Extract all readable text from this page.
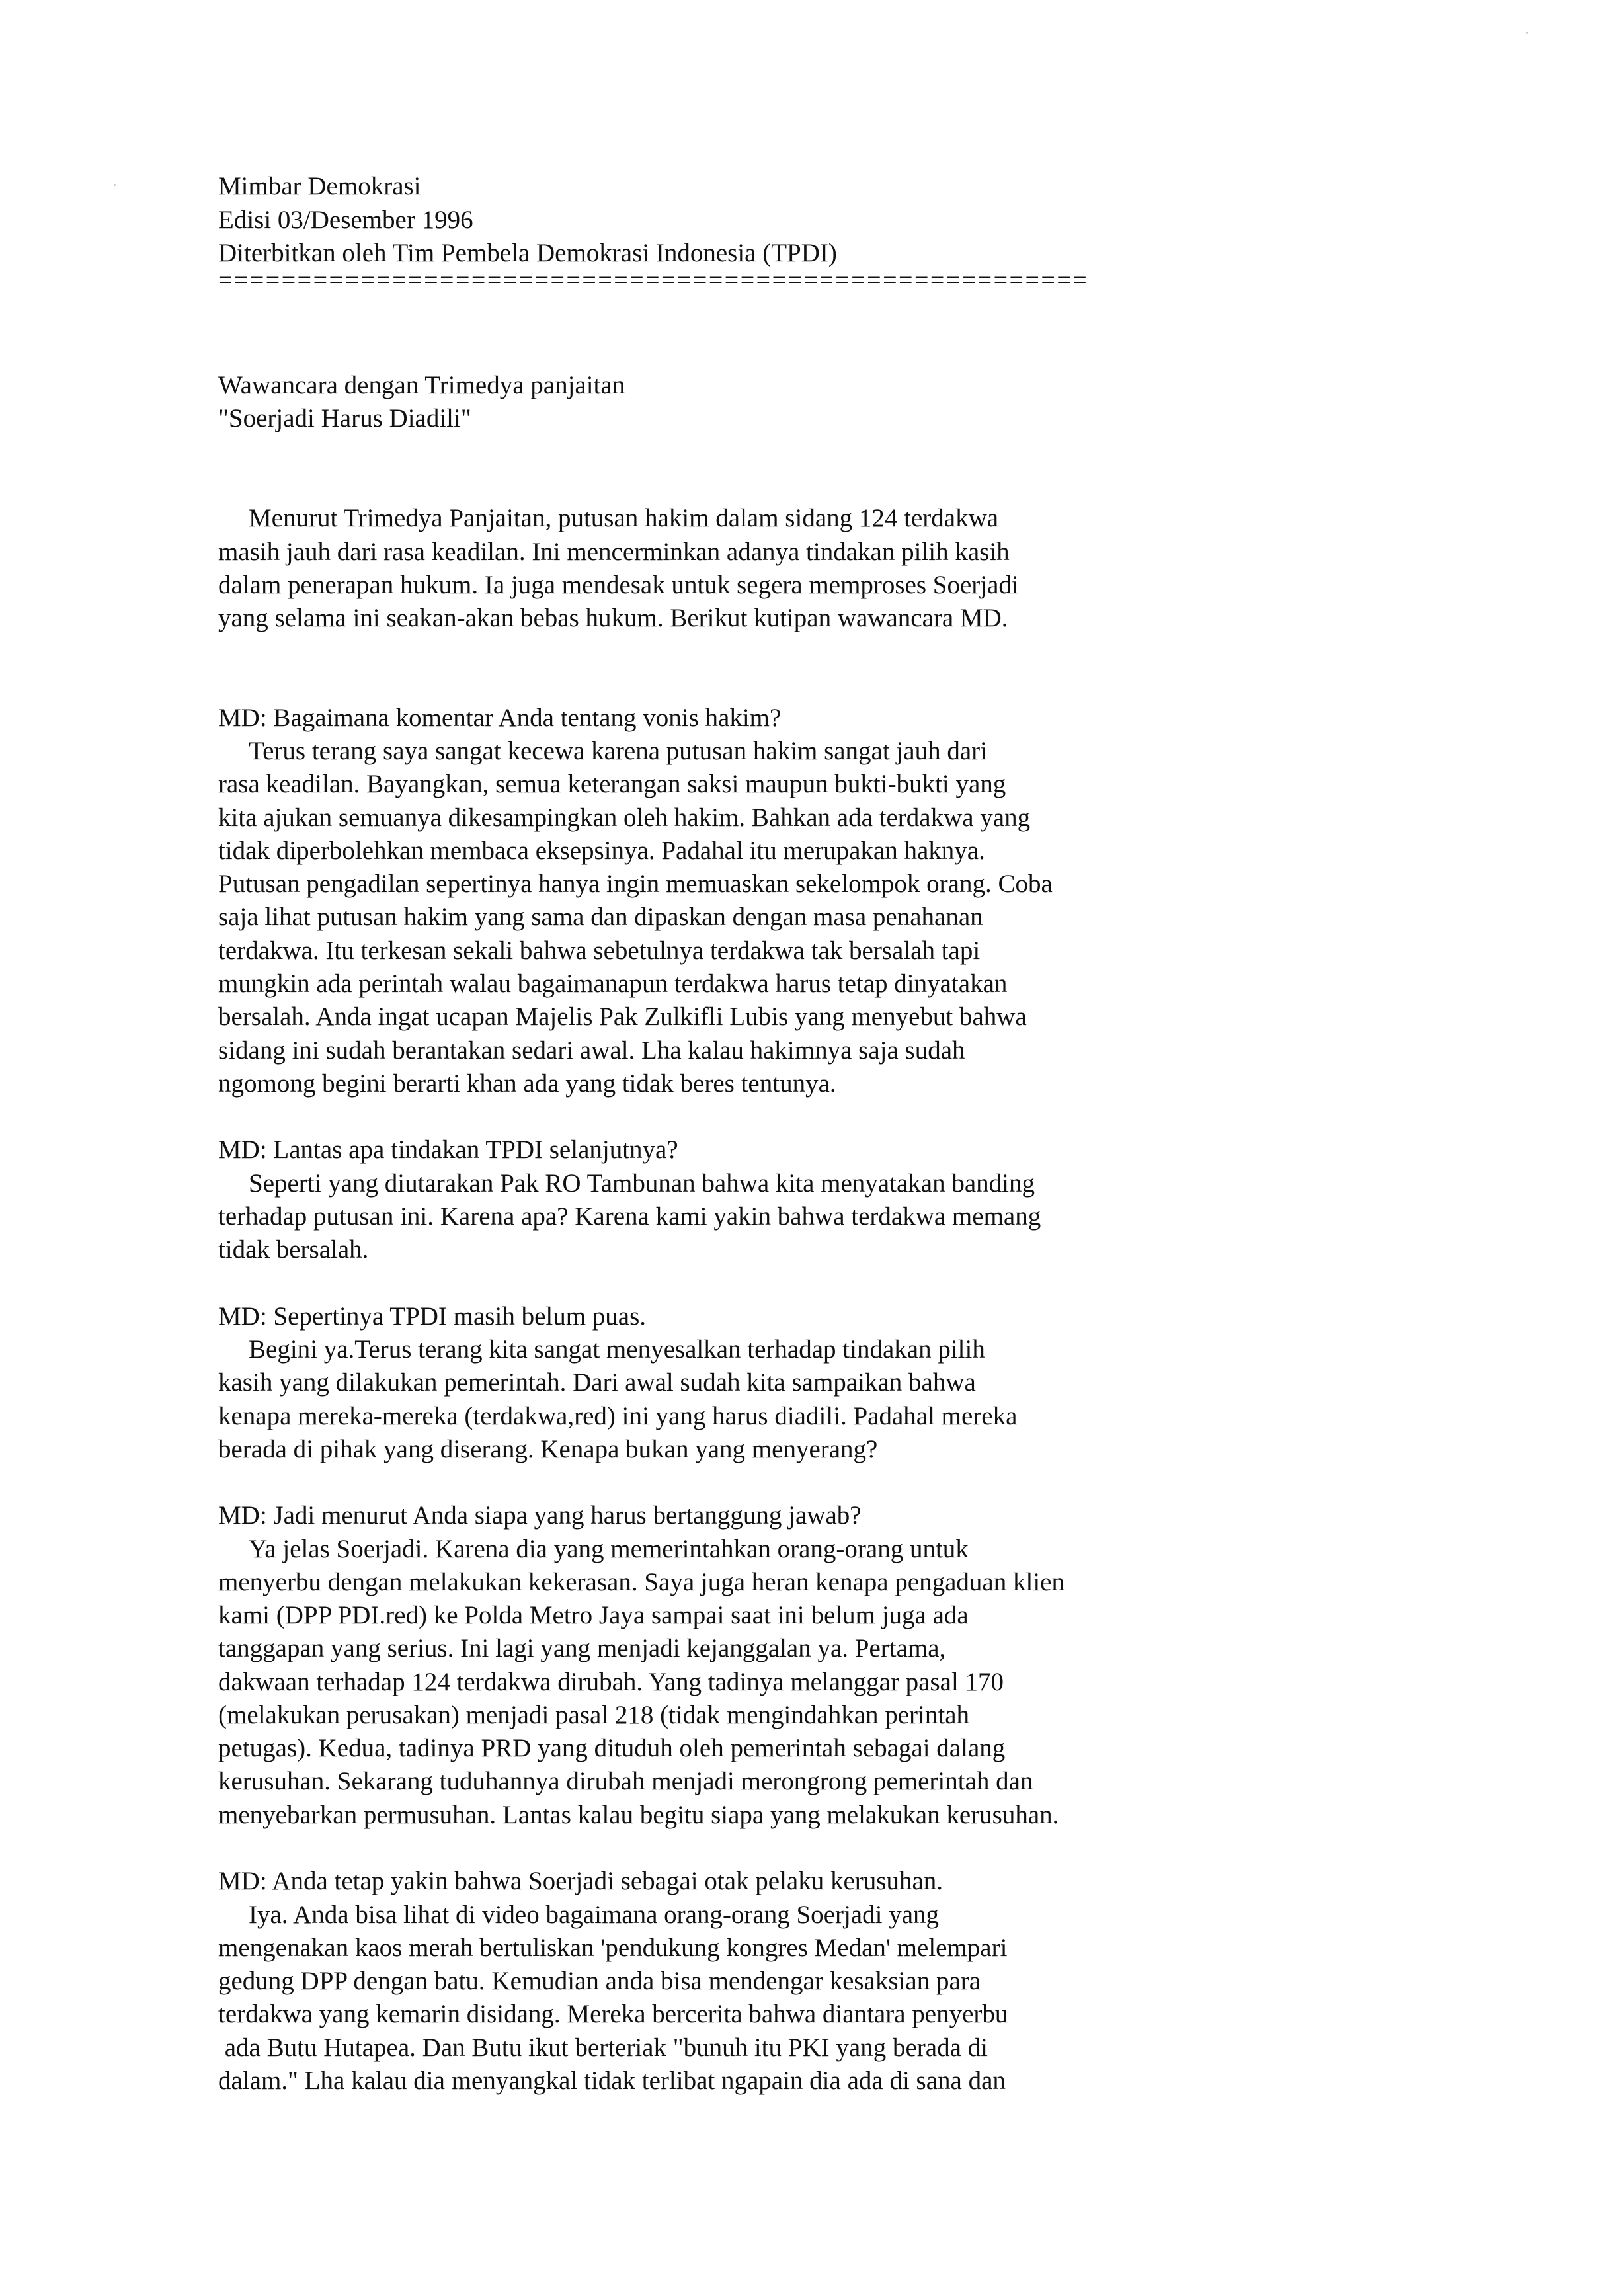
Mimbar Demokrasi
Edisi 03/Desember 1996
Diterbitkan oleh Tim Pembela Demokrasi Indonesia (TPDI)
=======================================================
Wawancara dengan Trimedya panjaitan
"Soerjadi Harus Diadili"
Menurut Trimedya Panjaitan, putusan hakim dalam sidang 124 terdakwa
masih jauh dari rasa keadilan. Ini mencerminkan adanya tindakan pilih kasih
dalam penerapan hukum. Ia juga mendesak untuk segera memproses Soerjadi
yang selama ini seakan-akan bebas hukum. Berikut kutipan wawancara MD.
MD: Bagaimana komentar Anda tentang vonis hakim?
Terus terang saya sangat kecewa karena putusan hakim sangat jauh dari
rasa keadilan. Bayangkan, semua keterangan saksi maupun bukti-bukti yang
kita ajukan semuanya dikesampingkan oleh hakim. Bahkan ada terdakwa yang
tidak diperbolehkan membaca eksepsinya. Padahal itu merupakan haknya.
Putusan pengadilan sepertinya hanya ingin memuaskan sekelompok orang. Coba
saja lihat putusan hakim yang sama dan dipaskan dengan masa penahanan
terdakwa. Itu terkesan sekali bahwa sebetulnya terdakwa tak bersalah tapi
mungkin ada perintah walau bagaimanapun terdakwa harus tetap dinyatakan
bersalah. Anda ingat ucapan Majelis Pak Zulkifli Lubis yang menyebut bahwa
sidang ini sudah berantakan sedari awal. Lha kalau hakimnya saja sudah
ngomong begini berarti khan ada yang tidak beres tentunya.
MD: Lantas apa tindakan TPDI selanjutnya?
Seperti yang diutarakan Pak RO Tambunan bahwa kita menyatakan banding
terhadap putusan ini. Karena apa? Karena kami yakin bahwa terdakwa memang
tidak bersalah.
MD: Sepertinya TPDI masih belum puas.
Begini ya.Terus terang kita sangat menyesalkan terhadap tindakan pilih
kasih yang dilakukan pemerintah. Dari awal sudah kita sampaikan bahwa
kenapa mereka-mereka (terdakwa,red) ini yang harus diadili. Padahal mereka
berada di pihak yang diserang. Kenapa bukan yang menyerang?
MD: Jadi menurut Anda siapa yang harus bertanggung jawab?
Ya jelas Soerjadi. Karena dia yang memerintahkan orang-orang untuk
menyerbu dengan melakukan kekerasan. Saya juga heran kenapa pengaduan klien
kami (DPP PDI.red) ke Polda Metro Jaya sampai saat ini belum juga ada
tanggapan yang serius. Ini lagi yang menjadi kejanggalan ya. Pertama,
dakwaan terhadap 124 terdakwa dirubah. Yang tadinya melanggar pasal 170
(melakukan perusakan) menjadi pasal 218 (tidak mengindahkan perintah
petugas). Kedua, tadinya PRD yang dituduh oleh pemerintah sebagai dalang
kerusuhan. Sekarang tuduhannya dirubah menjadi merongrong pemerintah dan
menyebarkan permusuhan. Lantas kalau begitu siapa yang melakukan kerusuhan.
MD: Anda tetap yakin bahwa Soerjadi sebagai otak pelaku kerusuhan.
Iya. Anda bisa lihat di video bagaimana orang-orang Soerjadi yang
mengenakan kaos merah bertuliskan 'pendukung kongres Medan' melempari
gedung DPP dengan batu. Kemudian anda bisa mendengar kesaksian para
terdakwa yang kemarin disidang. Mereka bercerita bahwa diantara penyerbu
ada Butu Hutapea. Dan Butu ikut berteriak "bunuh itu PKI yang berada di
dalam." Lha kalau dia menyangkal tidak terlibat ngapain dia ada di sana dan
